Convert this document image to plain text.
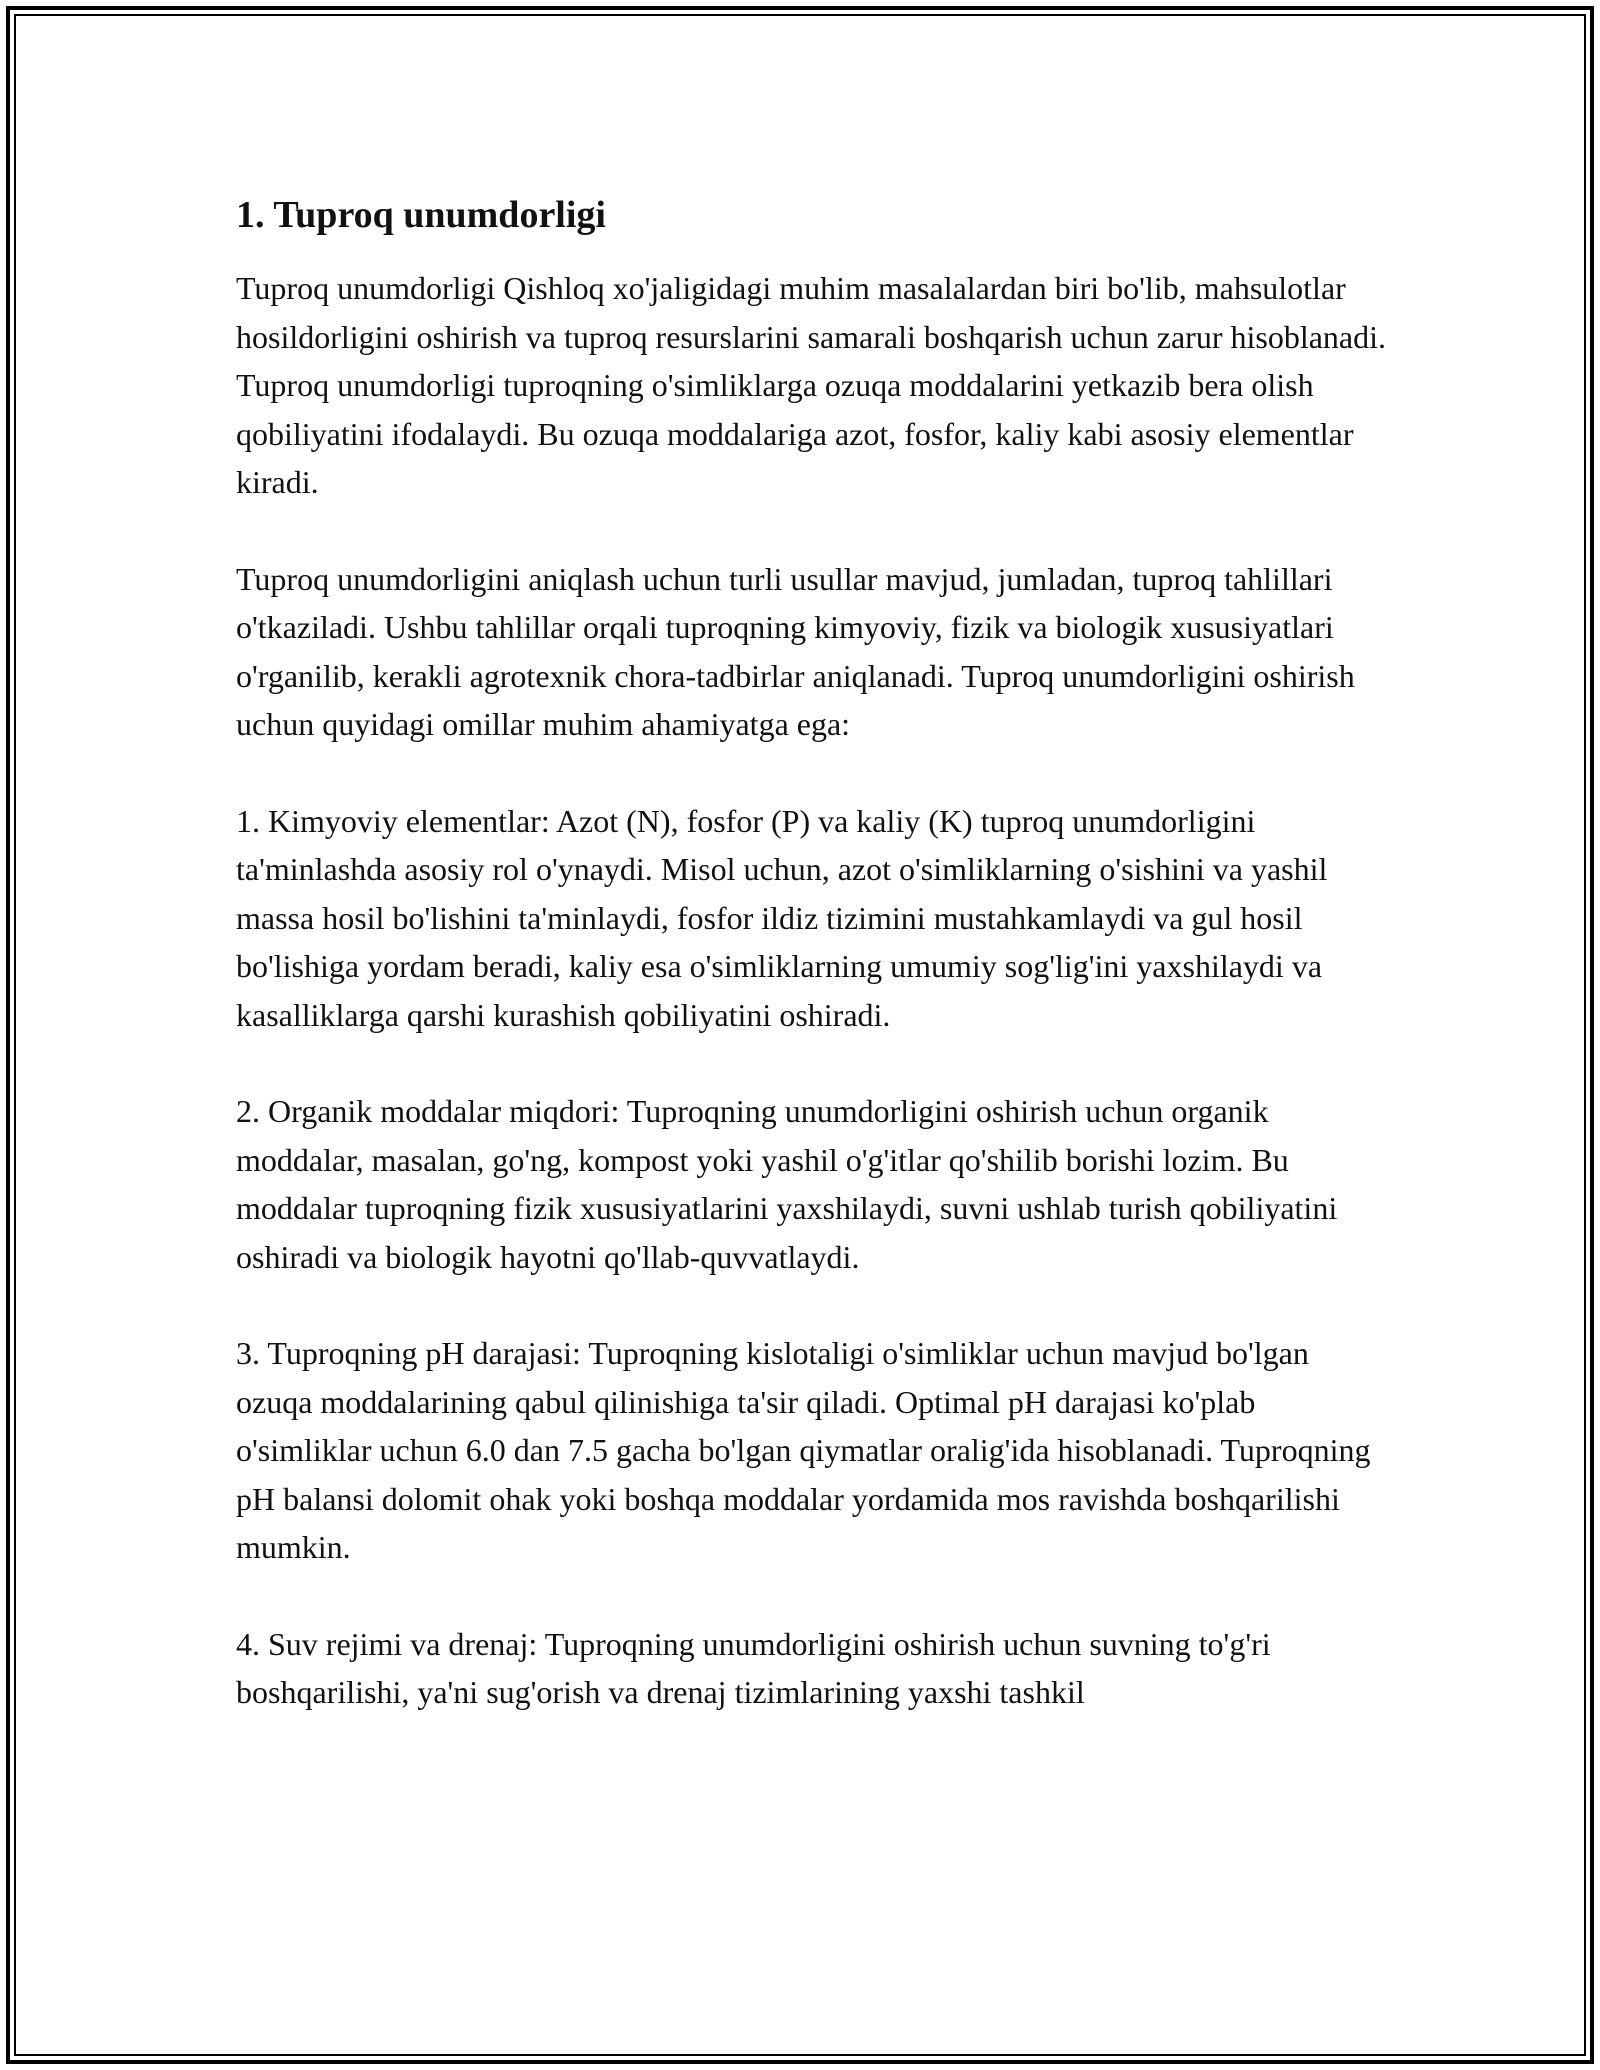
1. Tuproq unumdorligi

Tuproq unumdorligi Qishloq xo'jaligidagi muhim masalalardan biri bo'lib, mahsulotlar hosildorligini oshirish va tuproq resurslarini samarali boshqarish uchun zarur hisoblanadi. Tuproq unumdorligi tuproqning o'simliklarga ozuqa moddalarini yetkazib bera olish qobiliyatini ifodalaydi. Bu ozuqa moddalariga azot, fosfor, kaliy kabi asosiy elementlar kiradi.

Tuproq unumdorligini aniqlash uchun turli usullar mavjud, jumladan, tuproq tahlillari o'tkaziladi. Ushbu tahlillar orqali tuproqning kimyoviy, fizik va biologik xususiyatlari o'rganilib, kerakli agrotexnik chora-tadbirlar aniqlanadi. Tuproq unumdorligini oshirish uchun quyidagi omillar muhim ahamiyatga ega:

1. Kimyoviy elementlar: Azot (N), fosfor (P) va kaliy (K) tuproq unumdorligini ta'minlashda asosiy rol o'ynaydi. Misol uchun, azot o'simliklarning o'sishini va yashil massa hosil bo'lishini ta'minlaydi, fosfor ildiz tizimini mustahkamlaydi va gul hosil bo'lishiga yordam beradi, kaliy esa o'simliklarning umumiy sog'lig'ini yaxshilaydi va kasalliklarga qarshi kurashish qobiliyatini oshiradi.

2. Organik moddalar miqdori: Tuproqning unumdorligini oshirish uchun organik moddalar, masalan, go'ng, kompost yoki yashil o'g'itlar qo'shilib borishi lozim. Bu moddalar tuproqning fizik xususiyatlarini yaxshilaydi, suvni ushlab turish qobiliyatini oshiradi va biologik hayotni qo'llab-quvvatlaydi.

3. Tuproqning pH darajasi: Tuproqning kislotaligi o'simliklar uchun mavjud bo'lgan ozuqa moddalarining qabul qilinishiga ta'sir qiladi. Optimal pH darajasi ko'plab o'simliklar uchun 6.0 dan 7.5 gacha bo'lgan qiymatlar oralig'ida hisoblanadi. Tuproqning pH balansi dolomit ohak yoki boshqa moddalar yordamida mos ravishda boshqarilishi mumkin.

4. Suv rejimi va drenaj: Tuproqning unumdorligini oshirish uchun suvning to'g'ri boshqarilishi, ya'ni sug'orish va drenaj tizimlarining yaxshi tashkil
